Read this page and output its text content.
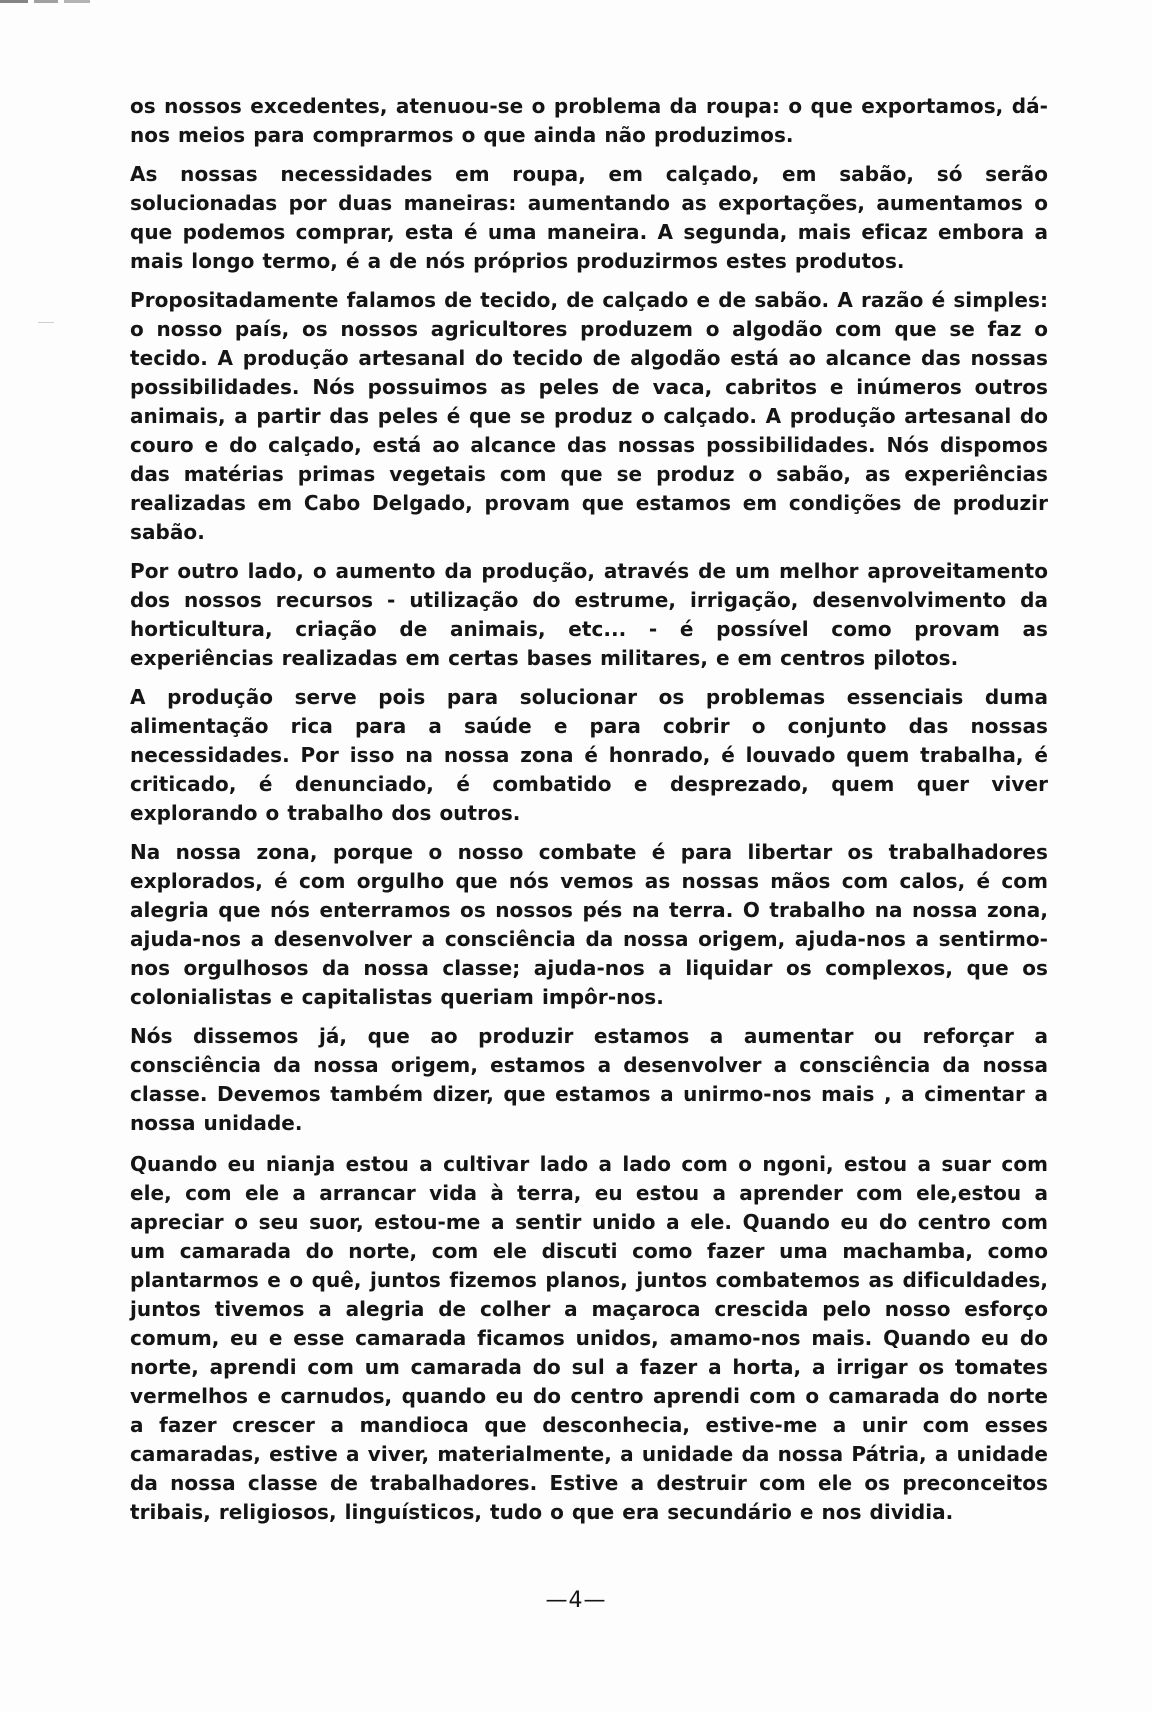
os nossos excedentes, atenuou-se o problema da roupa: o que exportamos, dá-nos meios para comprarmos o que ainda não produzimos.

As nossas necessidades em roupa, em calçado, em sabão, só serão solucionadas por duas maneiras: aumentando as exportações, aumentamos o que podemos comprar, esta é uma maneira. A segunda, mais eficaz embora a mais longo termo, é a de nós próprios produzirmos estes produtos.

Propositadamente falamos de tecido, de calçado e de sabão. A razão é simples: o nosso país, os nossos agricultores produzem o algodão com que se faz o tecido. A produção artesanal do tecido de algodão está ao alcance das nossas possibilidades. Nós possuimos as peles de vaca, cabritos e inúmeros outros animais, a partir das peles é que se produz o calçado. A produção artesanal do couro e do calçado, está ao alcance das nossas possibilidades. Nós dispomos das matérias primas vegetais com que se produz o sabão, as experiências realizadas em Cabo Delgado, provam que estamos em condições de produzir sabão.

Por outro lado, o aumento da produção, através de um melhor aproveitamento dos nossos recursos - utilização do estrume, irrigação, desenvolvimento da horticultura, criação de animais, etc... - é possível como provam as experiências realizadas em certas bases militares, e em centros pilotos.

A produção serve pois para solucionar os problemas essenciais duma alimentação rica para a saúde e para cobrir o conjunto das nossas necessidades. Por isso na nossa zona é honrado, é louvado quem trabalha, é criticado, é denunciado, é combatido e desprezado, quem quer viver explorando o trabalho dos outros.

Na nossa zona, porque o nosso combate é para libertar os trabalhadores explorados, é com orgulho que nós vemos as nossas mãos com calos, é com alegria que nós enterramos os nossos pés na terra. O trabalho na nossa zona, ajuda-nos a desenvolver a consciência da nossa origem, ajuda-nos a sentirmo-nos orgulhosos da nossa classe; ajuda-nos a liquidar os complexos, que os colonialistas e capitalistas queriam impôr-nos.

Nós dissemos já, que ao produzir estamos a aumentar ou reforçar a consciência da nossa origem, estamos a desenvolver a consciência da nossa classe. Devemos também dizer, que estamos a unirmo-nos mais , a cimentar a nossa unidade.

Quando eu nianja estou a cultivar lado a lado com o ngoni, estou a suar com ele, com ele a arrancar vida à terra, eu estou a aprender com ele,estou a apreciar o seu suor, estou-me a sentir unido a ele. Quando eu do centro com um camarada do norte, com ele discuti como fazer uma machamba, como plantarmos e o quê, juntos fizemos planos, juntos combatemos as dificuldades, juntos tivemos a alegria de colher a maçaroca crescida pelo nosso esforço comum, eu e esse camarada ficamos unidos, amamo-nos mais. Quando eu do norte, aprendi com um camarada do sul a fazer a horta, a irrigar os tomates vermelhos e carnudos, quando eu do centro aprendi com o camarada do norte a fazer crescer a mandioca que desconhecia, estive-me a unir com esses camaradas, estive a viver, materialmente, a unidade da nossa Pátria, a unidade da nossa classe de trabalhadores. Estive a destruir com ele os preconceitos tribais, religiosos, linguísticos, tudo o que era secundário e nos dividia.

—4—
